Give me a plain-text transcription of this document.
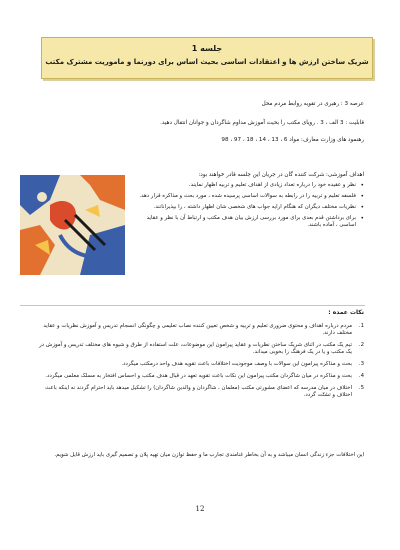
جلسه 1
شریک ساختن ارزش ها و اعتقادات اساسی بحیث اساس برای دورنما و ماموریت مشترک مکتب
عرصه 3 : رهبری در تقویه روابط مردم محل
قابلیت : 3 الف ، 3 . رویای مکتب را بحیث آموزش مداوم شاگردان و جوانان انتقال دهید.
رهنمود های وزارت معارف: مواد 6 ، 13 ، 14 ، 18 ، 97 ، 98
اهداف آموزشی: شرکت کننده گان در جریان این جلسه قادر خواهند بود:
•
نظر و عقیده خود را درباره تعداد زیادی از اهداف تعلیم و تربیه اظهار نمایند.
•
فلسفه تعلیم و تربیه را در رابطه به سوالات اساسی پرسیده شده ، مورد بحث و مذاکره قرار دهد.
•
نظریات مختلف دیگران که هنگام ارایه جواب های شخصی شان اظهار داشته ، را بپذیرانانند.
•
برای برداشتن قدم بعدی برای مورد بررسی ارزش بیان هدف مکتب و ارتباط آن با نظر و عقاید اساسی ، آماده باشند.
نکات عمده :
1.
مردم درباره اهداف و محتوی ضروری تعلیم و تربیه و شخص تعیین کننده نصاب تعلیمی و چگونگی انسجام تدریس و آموزش نظریات و عقاید مختلف دارند.
2.
تیم یک مکتب در اثنای شریک ساختن نظریات و عقاید پیرامون این موضوعات، علت استفاده از طرق و شیوه های مختلف تدریس و آموزش در یک مکتب و یا در یک فرهنگ را بخوبی میداند.
3.
بحث و مذاکره پیرامون این سوالات با وصف موجودیت اختلافات باعث تقویه هدف واحد درمکتب میگردد.
4.
بحث و مذاکره در میان شاگردان مکتب پیرامون این نکات باعث تقویه تعهد در قبال هدف مکتب و احساس افتخار به مسلک معلمی میگردد.
5.
اختلاف در میان مدرسه که اعضای مشورتی مکتب (معلمان ، شاگردان و والدین شاگردان) را تشکیل میدهد باید احترام گردند نه اینکه باعث اختلاف و تشتّت گردد.
این اختلافات جزء زندگی انسان میباشد و به آن بخاطر غنامندی تجارب ما و حفظ توازن میان تهیه پلان و تصمیم گیری باید ارزش قایل شویم.
12
